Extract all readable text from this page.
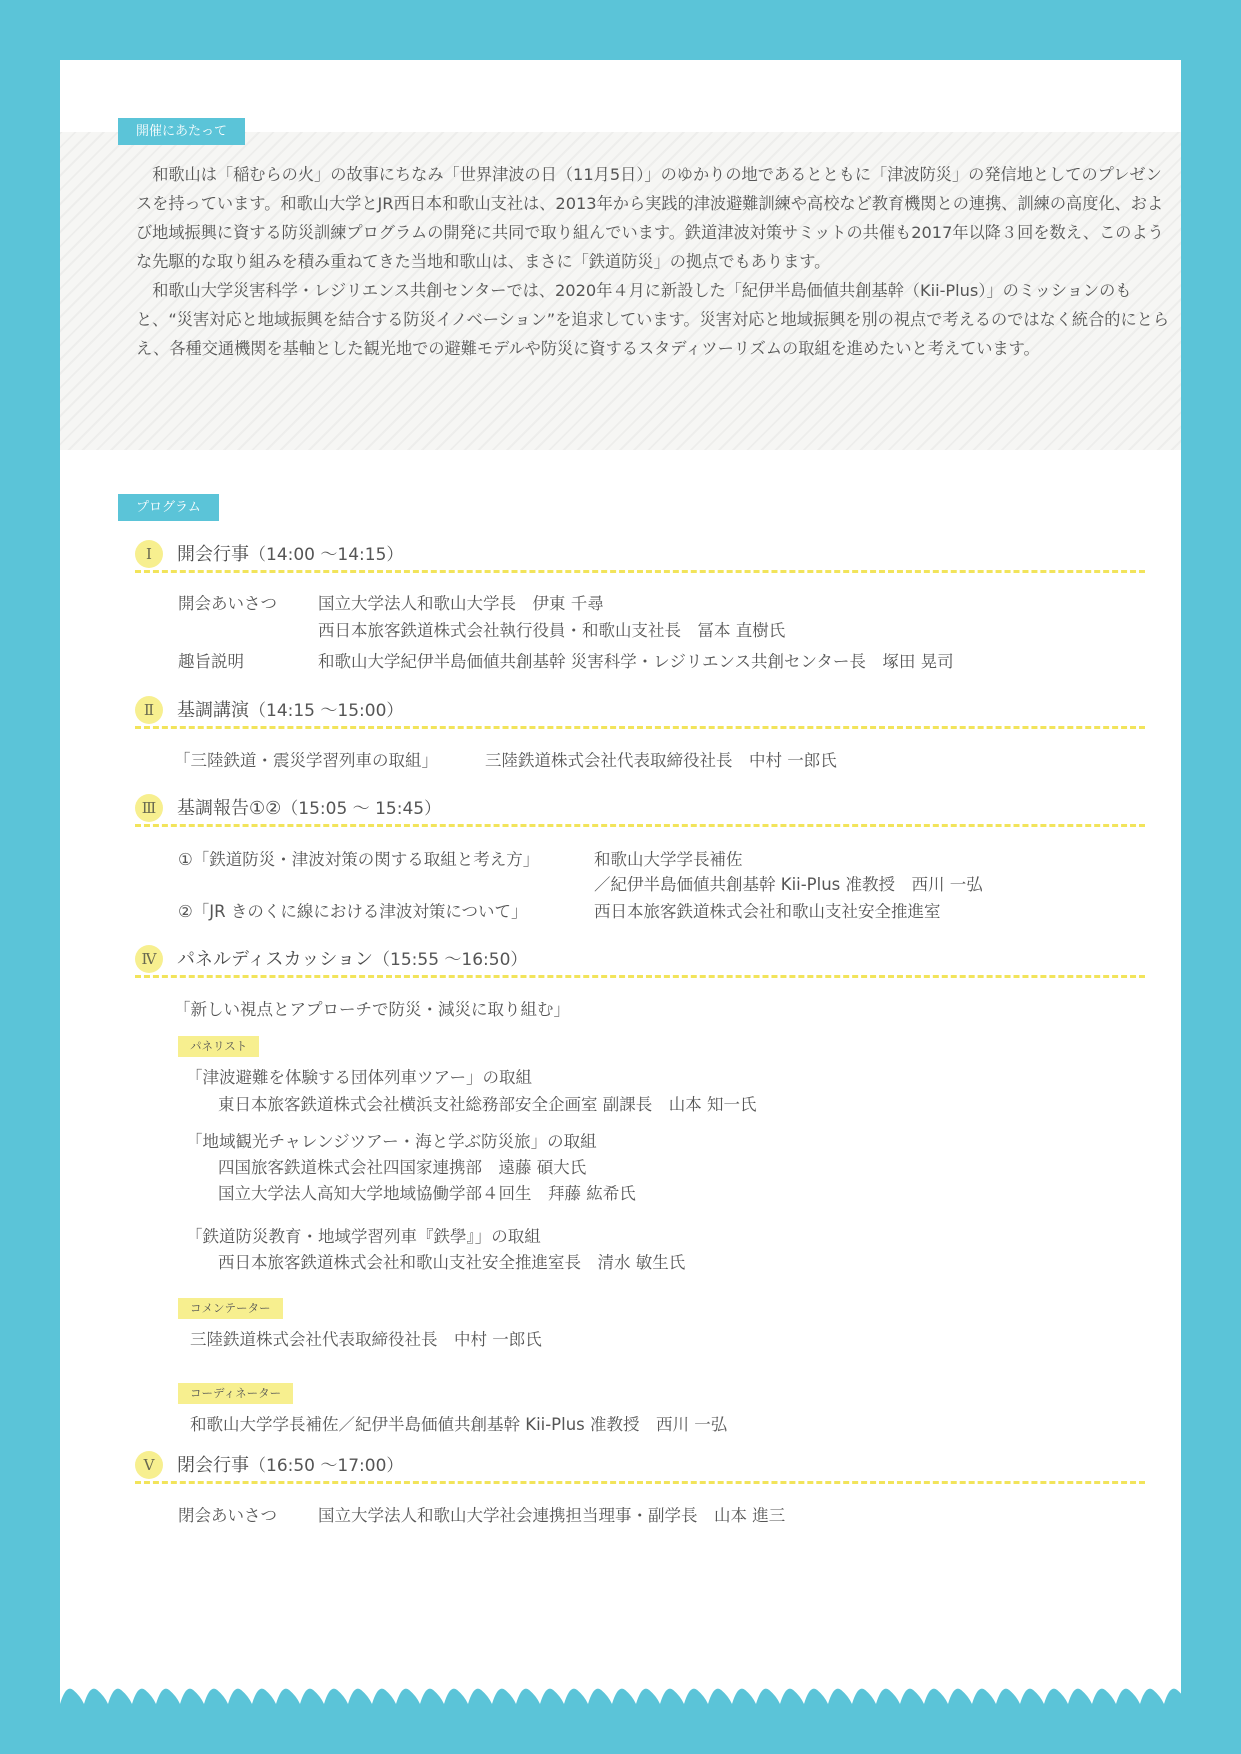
開催にあたって

和歌山は「稲むらの火」の故事にちなみ「世界津波の日（11月5日）」のゆかりの地であるとともに「津波防災」の発信地としてのプレゼンスを持っています。和歌山大学とJR西日本和歌山支社は、2013年から実践的津波避難訓練や高校など教育機関との連携、訓練の高度化、および地域振興に資する防災訓練プログラムの開発に共同で取り組んでいます。鉄道津波対策サミットの共催も2017年以降３回を数え、このような先駆的な取り組みを積み重ねてきた当地和歌山は、まさに「鉄道防災」の拠点でもあります。

和歌山大学災害科学・レジリエンス共創センターでは、2020年４月に新設した「紀伊半島価値共創基幹（Kii-Plus）」のミッションのもと、“災害対応と地域振興を結合する防災イノベーション”を追求しています。災害対応と地域振興を別の視点で考えるのではなく統合的にとらえ、各種交通機関を基軸とした観光地での避難モデルや防災に資するスタディツーリズムの取組を進めたいと考えています。

プログラム
Ⅰ	開会行事（14:00 ～14:15）
開会あいさつ 国立大学法人和歌山大学長　伊東 千尋
西日本旅客鉄道株式会社執行役員・和歌山支社長　冨本 直樹氏
趣旨説明	和歌山大学紀伊半島価値共創基幹 災害科学・レジリエンス共創センター長　塚田 晃司
Ⅱ	基調講演（14:15 ～15:00）
「三陸鉄道・震災学習列車の取組」	三陸鉄道株式会社代表取締役社長　中村 一郎氏
Ⅲ	基調報告①②（15:05 ～ 15:45）
①「鉄道防災・津波対策の関する取組と考え方」	和歌山大学学長補佐
／紀伊半島価値共創基幹 Kii-Plus 准教授　西川 一弘
②「JR きのくに線における津波対策について」	西日本旅客鉄道株式会社和歌山支社安全推進室
Ⅳ	パネルディスカッション（15:55 ～16:50）
「新しい視点とアプローチで防災・減災に取り組む」
パネリスト
「津波避難を体験する団体列車ツアー」の取組
東日本旅客鉄道株式会社横浜支社総務部安全企画室 副課長　山本 知一氏
「地域観光チャレンジツアー・海と学ぶ防災旅」の取組
四国旅客鉄道株式会社四国家連携部　遠藤 碩大氏
国立大学法人高知大学地域協働学部４回生　拜藤 紘希氏
「鉄道防災教育・地域学習列車『鉄學』」の取組
西日本旅客鉄道株式会社和歌山支社安全推進室長　清水 敏生氏
コメンテーター
三陸鉄道株式会社代表取締役社長　中村 一郎氏
コーディネーター
和歌山大学学長補佐／紀伊半島価値共創基幹 Kii-Plus 准教授　西川 一弘
Ⅴ	閉会行事（16:50 ～17:00）
閉会あいさつ 国立大学法人和歌山大学社会連携担当理事・副学長　山本 進三
